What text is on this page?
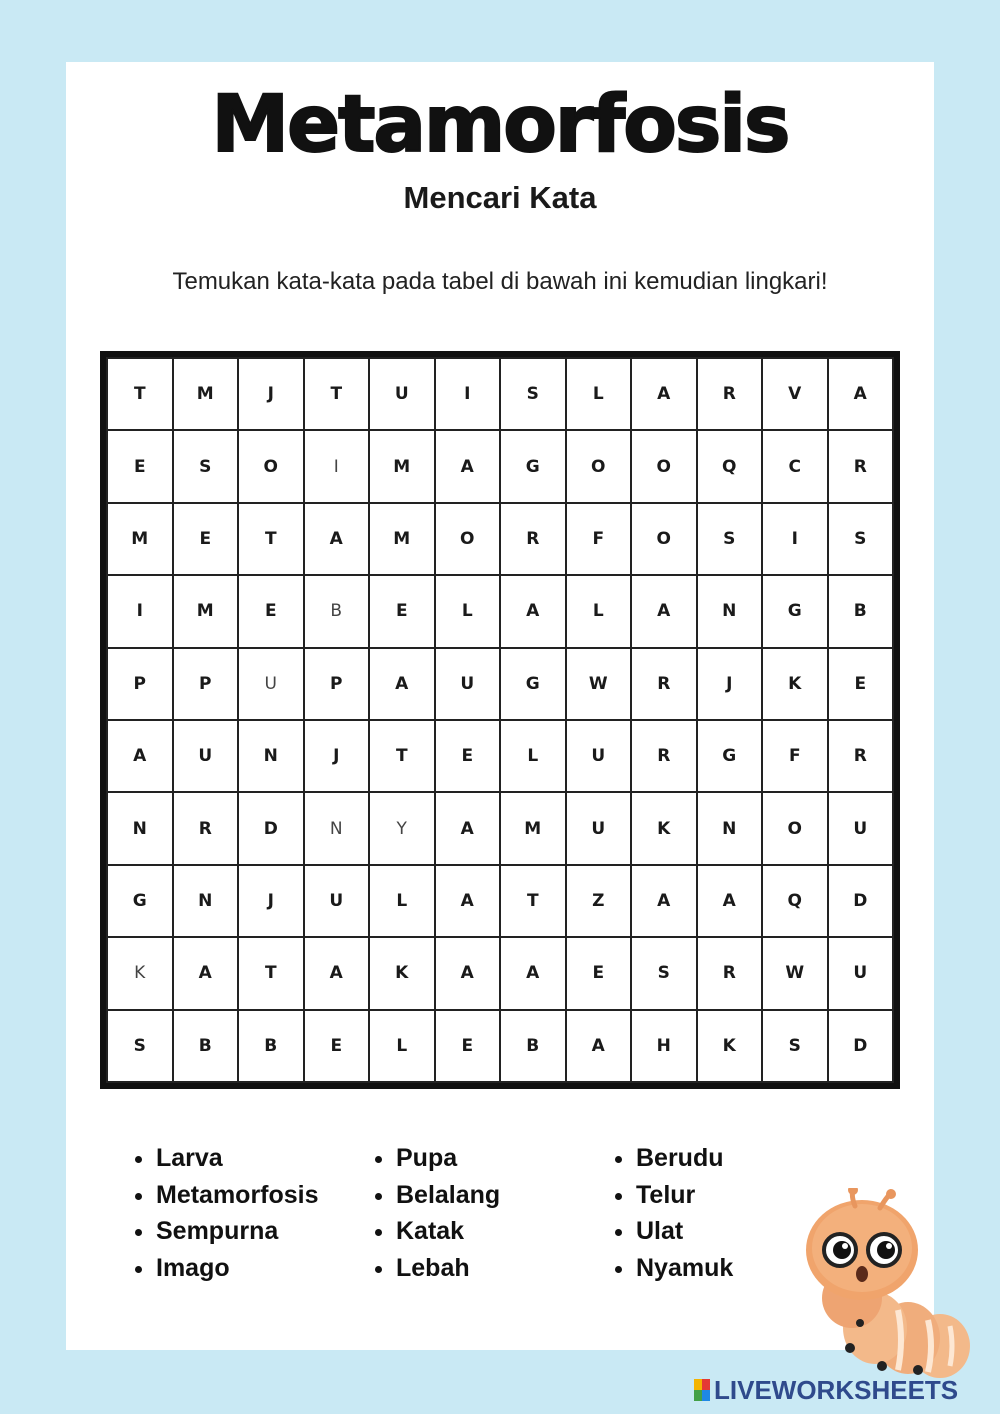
Metamorfosis
Mencari Kata
Temukan kata-kata pada tabel di bawah ini kemudian lingkari!
T	M	J	T	U	I	S	L	A	R	V	A
E	S	O	I	M	A	G	O	O	Q	C	R
M	E	T	A	M	O	R	F	O	S	I	S
I	M	E	B	E	L	A	L	A	N	G	B
P	P	U	P	A	U	G	W	R	J	K	E
A	U	N	J	T	E	L	U	R	G	F	R
N	R	D	N	Y	A	M	U	K	N	O	U
G	N	J	U	L	A	T	Z	A	A	Q	D
K	A	T	A	K	A	A	E	S	R	W	U
S	B	B	E	L	E	B	A	H	K	S	D
• Larva
• Metamorfosis
• Sempurna
• Imago
• Pupa
• Belalang
• Katak
• Lebah
• Berudu
• Telur
• Ulat
• Nyamuk
LIVEWORKSHEETS
